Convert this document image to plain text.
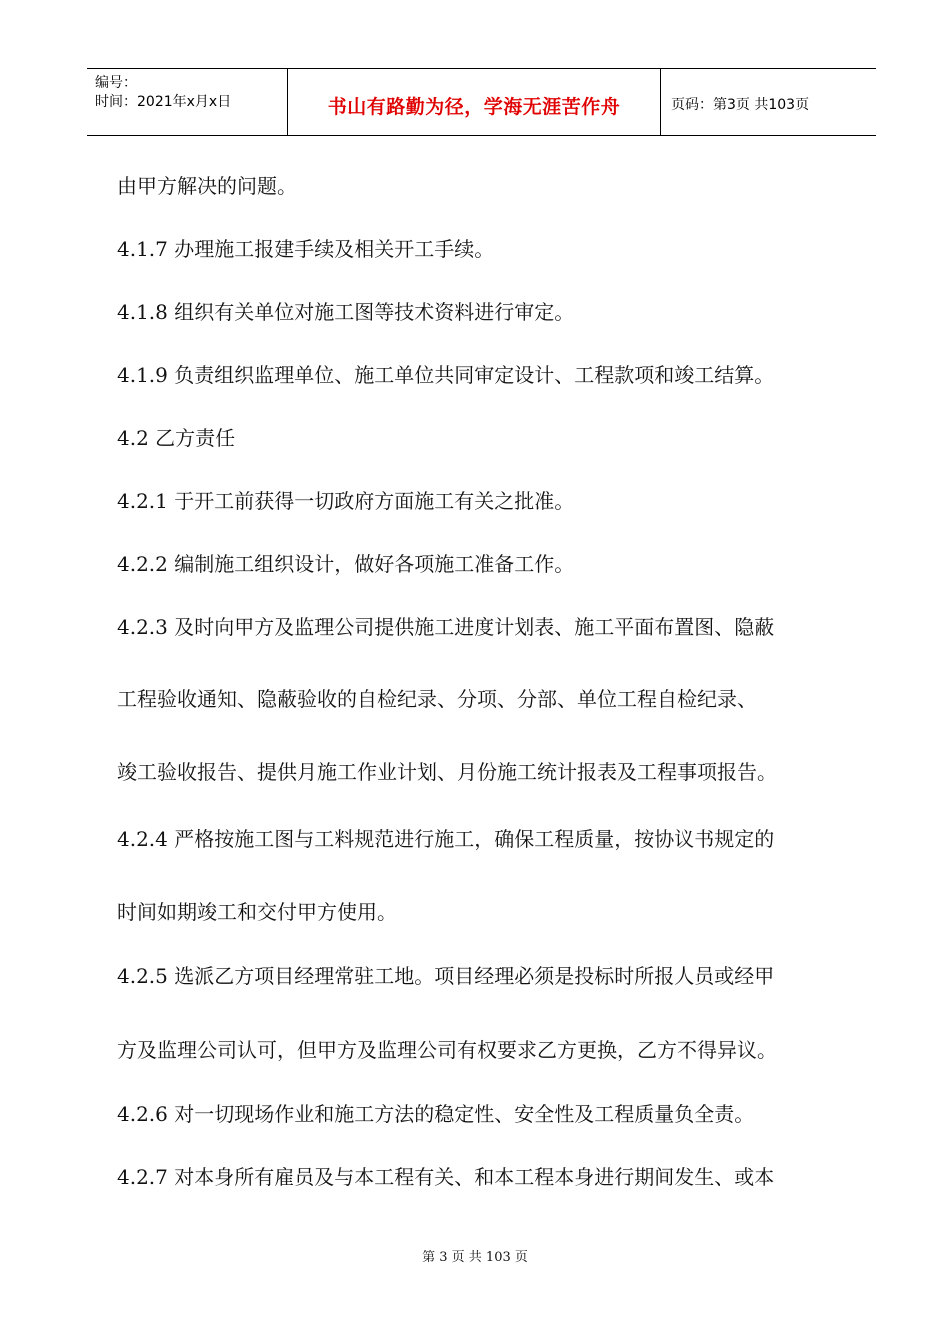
编号：
时间：2021年x月x日	书山有路勤为径，学海无涯苦作舟	页码：第3页 共103页
由甲方解决的问题。
4.1.7 办理施工报建手续及相关开工手续。
4.1.8 组织有关单位对施工图等技术资料进行审定。
4.1.9 负责组织监理单位、施工单位共同审定设计、工程款项和竣工结算。
4.2 乙方责任
4.2.1 于开工前获得一切政府方面施工有关之批准。
4.2.2 编制施工组织设计，做好各项施工准备工作。
4.2.3 及时向甲方及监理公司提供施工进度计划表、施工平面布置图、隐蔽
工程验收通知、隐蔽验收的自检纪录、分项、分部、单位工程自检纪录、
竣工验收报告、提供月施工作业计划、月份施工统计报表及工程事项报告。
4.2.4 严格按施工图与工料规范进行施工，确保工程质量，按协议书规定的
时间如期竣工和交付甲方使用。
4.2.5 选派乙方项目经理常驻工地。项目经理必须是投标时所报人员或经甲
方及监理公司认可，但甲方及监理公司有权要求乙方更换，乙方不得异议。
4.2.6 对一切现场作业和施工方法的稳定性、安全性及工程质量负全责。
4.2.7 对本身所有雇员及与本工程有关、和本工程本身进行期间发生、或本
第 3 页 共 103 页
